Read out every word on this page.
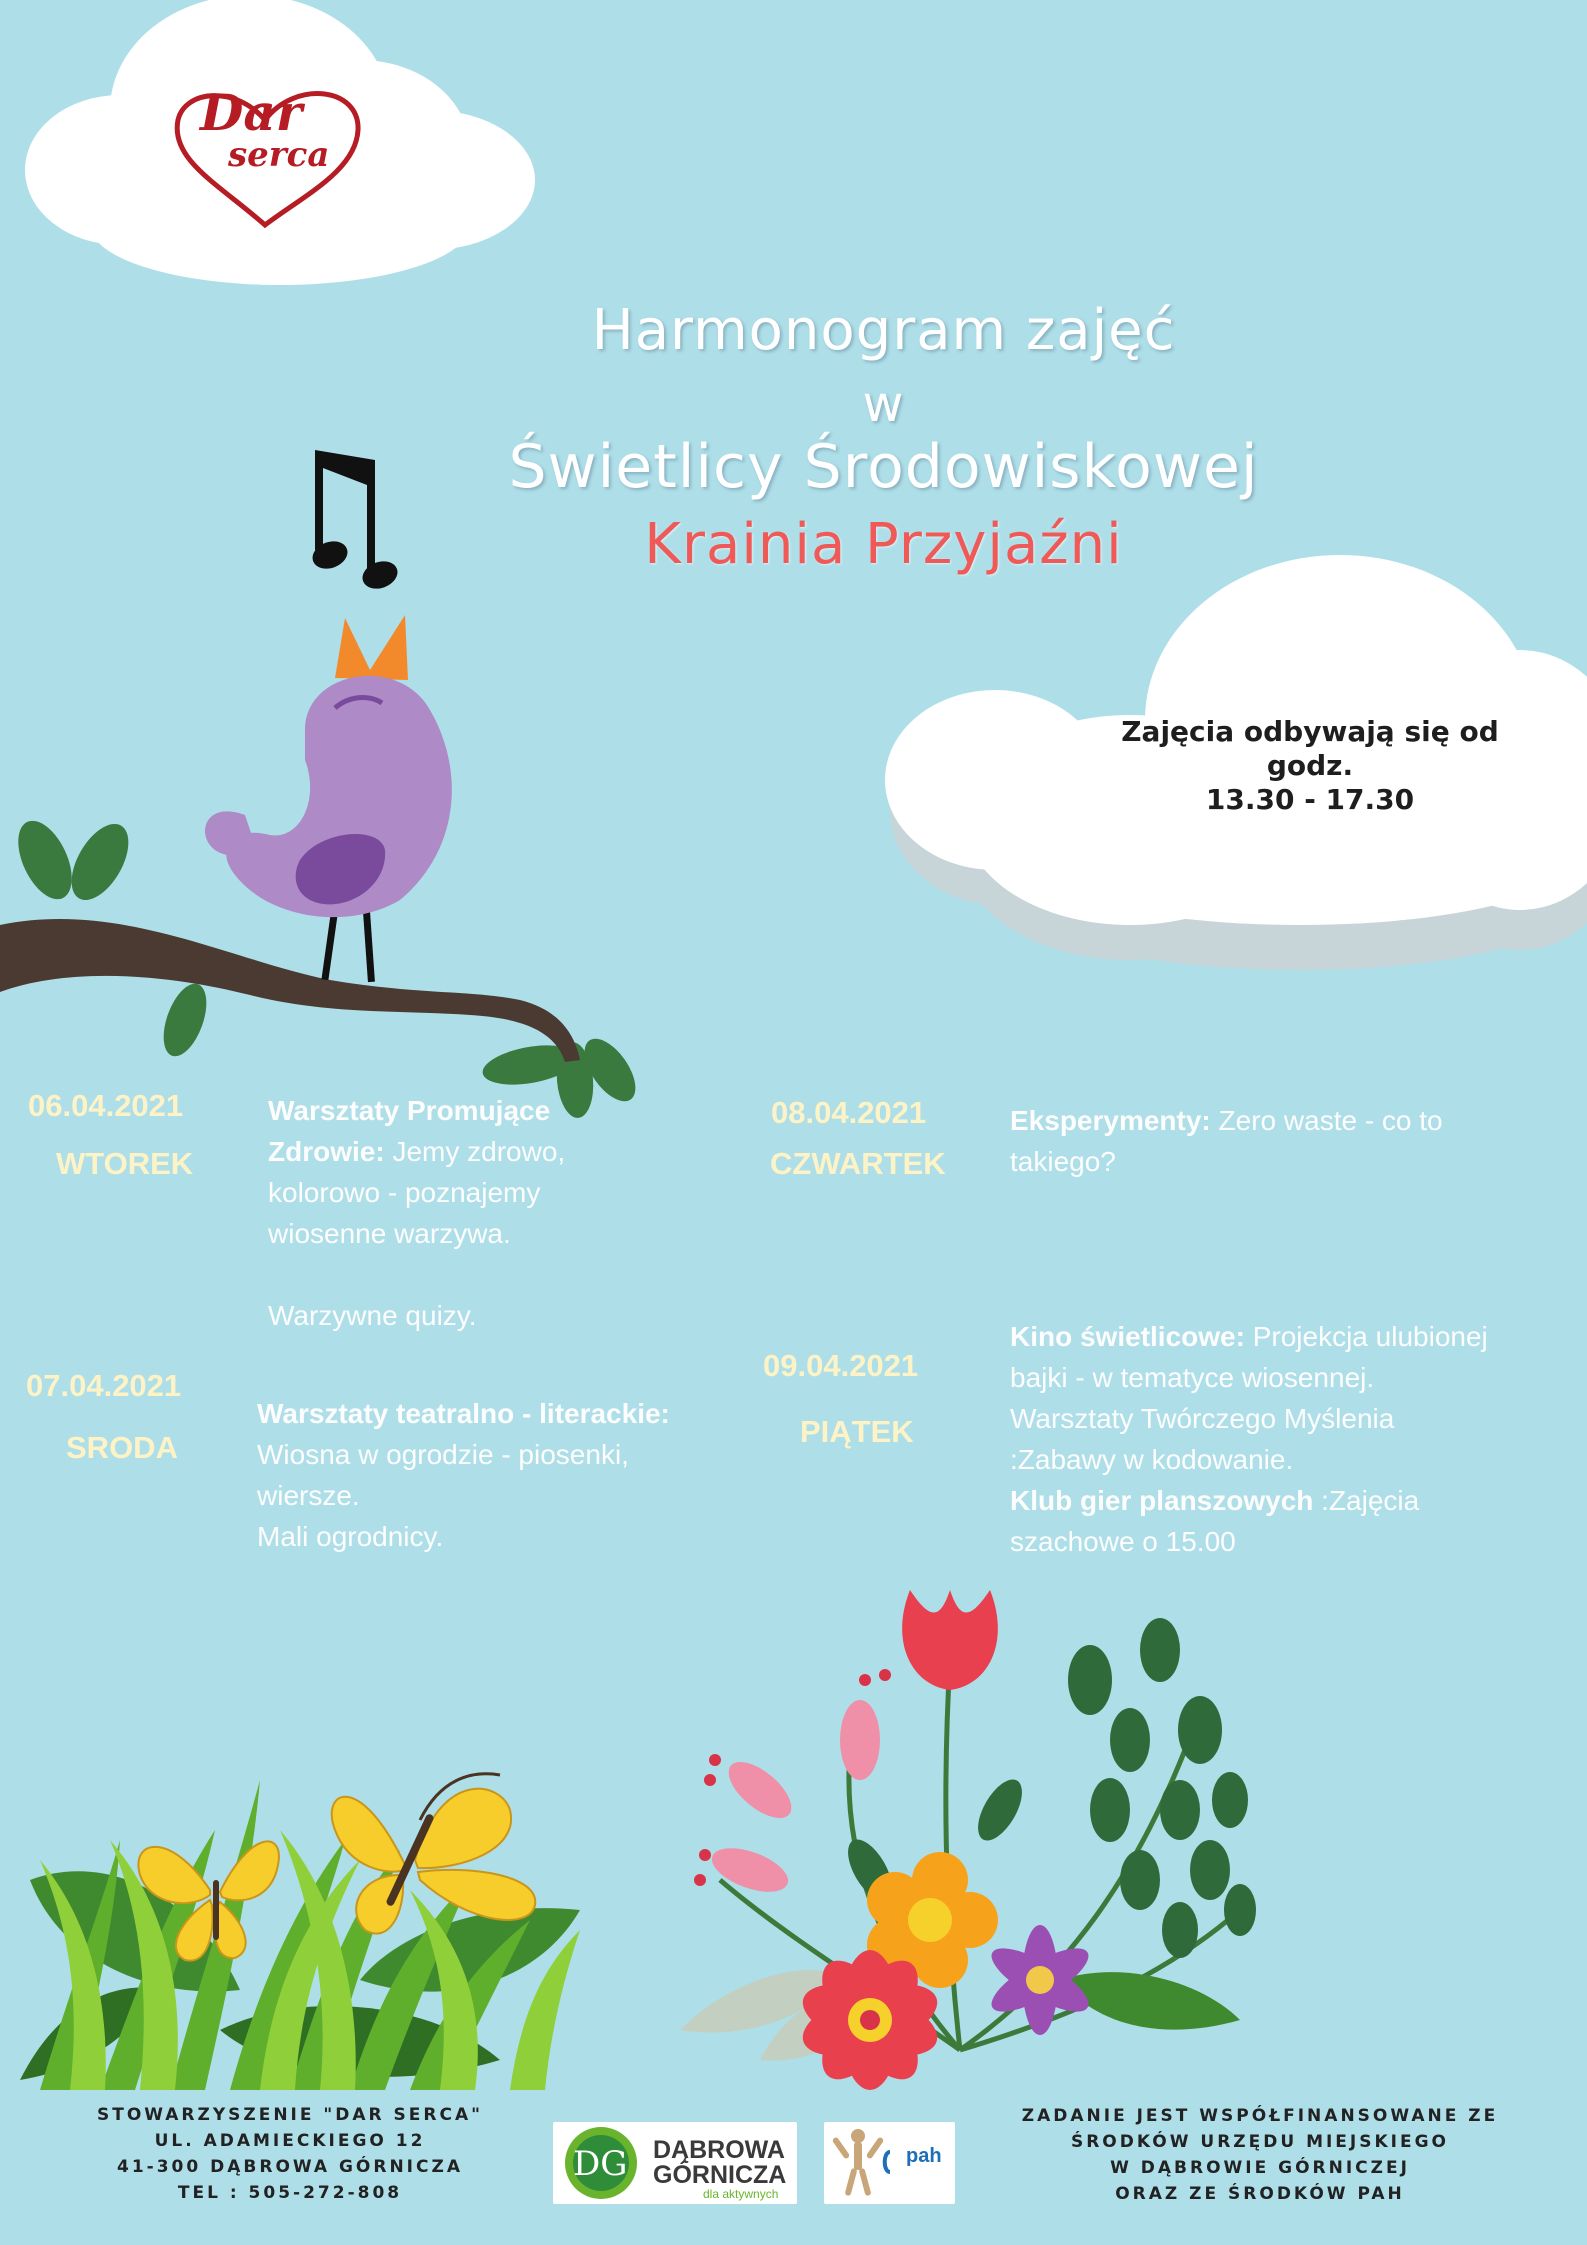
Dar
serca
Harmonogram zajęć
w
Świetlicy Środowiskowej
Krainia Przyjaźni
Zajęcia odbywają się od godz.
13.30 - 17.30
06.04.2021
WTOREK

Warsztaty Promujące Zdrowie: Jemy zdrowo, kolorowo - poznajemy wiosenne warzywa.

Warzywne quizy.

07.04.2021
SRODA

Warsztaty teatralno - literackie:

Wiosna w ogrodzie - piosenki, wiersze.

Mali ogrodnicy.

08.04.2021
CZWARTEK

Eksperymenty: Zero waste - co to takiego?

09.04.2021
PIĄTEK

Kino świetlicowe: Projekcja ulubionej bajki - w tematyce wiosennej.

Warsztaty Twórczego Myślenia :Zabawy w kodowanie.

Klub gier planszowych :Zajęcia szachowe o 15.00

STOWARZYSZENIE "DAR SERCA"
UL. ADAMIECKIEGO 12
41-300 DĄBROWA GÓRNICZA
TEL : 505-272-808
DG DĄBROWA
GÓRNICZA
dla aktywnych
pah
ZADANIE JEST WSPÓŁFINANSOWANE ZE
ŚRODKÓW URZĘDU MIEJSKIEGO
W DĄBROWIE GÓRNICZEJ
ORAZ ZE ŚRODKÓW PAH
